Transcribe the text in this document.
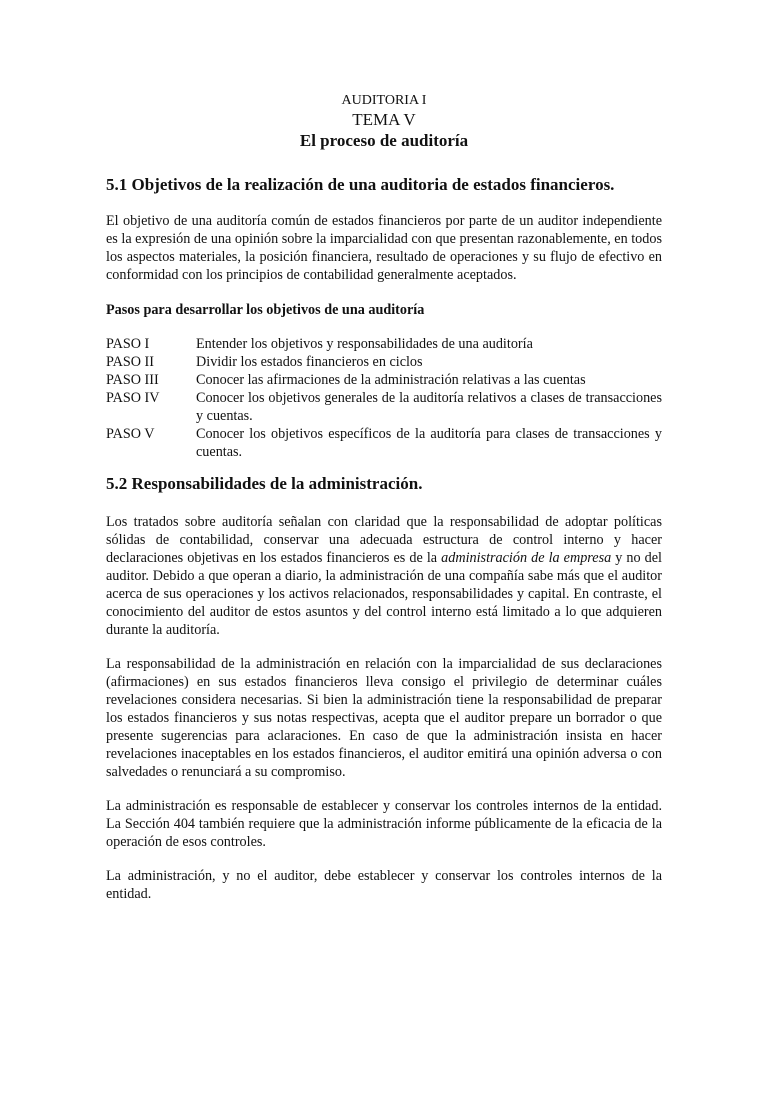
AUDITORIA I
TEMA V
El proceso de auditoría
5.1 Objetivos de la realización de una auditoria de estados financieros.

El objetivo de una auditoría común de estados financieros por parte de un auditor independiente es la expresión de una opinión sobre la imparcialidad con que presentan razonablemente, en todos los aspectos materiales, la posición financiera, resultado de operaciones y su flujo de efectivo en conformidad con los principios de contabilidad generalmente aceptados.

Pasos para desarrollar los objetivos de una auditoría
PASO I	Entender los objetivos y responsabilidades de una auditoría
PASO II	Dividir los estados financieros en ciclos
PASO III	Conocer las afirmaciones de la administración relativas a las cuentas
PASO IV	Conocer los objetivos generales de la auditoría relativos a clases de transacciones y cuentas.
PASO V	Conocer los objetivos específicos de la auditoría para clases de transacciones y cuentas.
5.2 Responsabilidades de la administración.

Los tratados sobre auditoría señalan con claridad que la responsabilidad de adoptar políticas sólidas de contabilidad, conservar una adecuada estructura de control interno y hacer declaraciones objetivas en los estados financieros es de la administración de la empresa y no del auditor. Debido a que operan a diario, la administración de una compañía sabe más que el auditor acerca de sus operaciones y los activos relacionados, responsabilidades y capital. En contraste, el conocimiento del auditor de estos asuntos y del control interno está limitado a lo que adquieren durante la auditoría.

La responsabilidad de la administración en relación con la imparcialidad de sus declaraciones (afirmaciones) en sus estados financieros lleva consigo el privilegio de determinar cuáles revelaciones considera necesarias. Si bien la administración tiene la responsabilidad de preparar los estados financieros y sus notas respectivas, acepta que el auditor prepare un borrador o que presente sugerencias para aclaraciones. En caso de que la administración insista en hacer revelaciones inaceptables en los estados financieros, el auditor emitirá una opinión adversa o con salvedades o renunciará a su compromiso.

La administración es responsable de establecer y conservar los controles internos de la entidad. La Sección 404 también requiere que la administración informe públicamente de la eficacia de la operación de esos controles.

La administración, y no el auditor, debe establecer y conservar los controles internos de la entidad.
